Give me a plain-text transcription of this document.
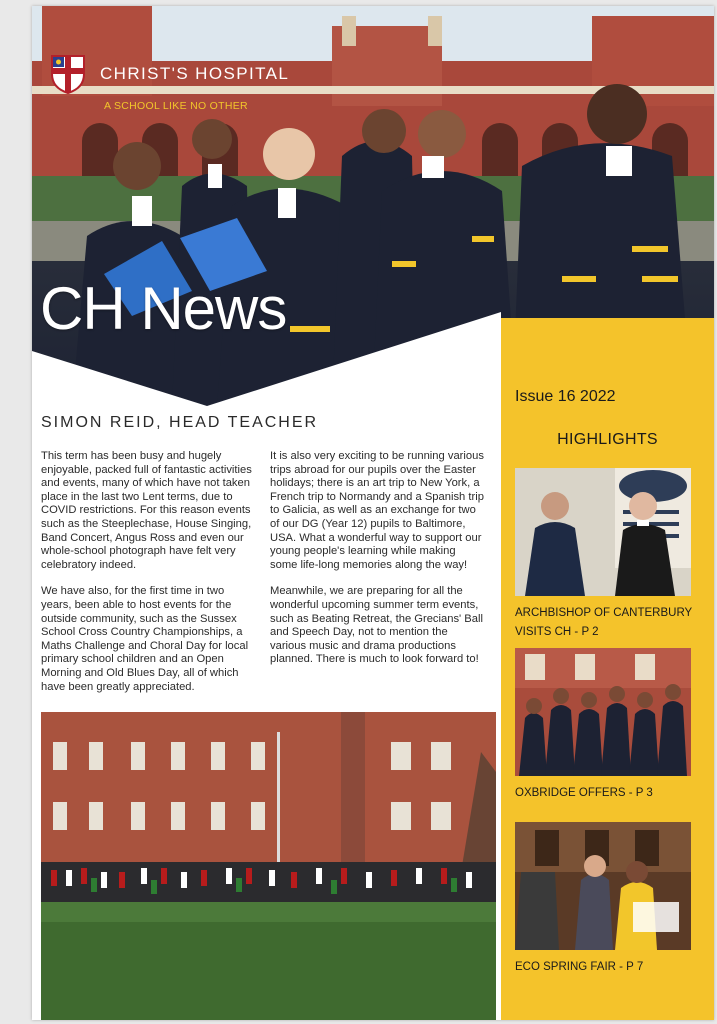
CHRIST'S HOSPITAL
A SCHOOL LIKE NO OTHER
CH News
Issue 16 2022
HIGHLIGHTS
ARCHBISHOP OF CANTERBURY VISITS CH - P 2
OXBRIDGE OFFERS - P 3
ECO SPRING FAIR - P 7
SIMON REID, HEAD TEACHER

This term has been busy and hugely enjoyable, packed full of fantastic activities and events, many of which have not taken place in the last two Lent terms, due to COVID restrictions. For this reason events such as the Steeplechase, House Singing, Band Concert, Angus Ross and even our whole-school photograph have felt very celebratory indeed.

We have also, for the first time in two years, been able to host events for the outside community, such as the Sussex School Cross Country Championships, a Maths Challenge and Choral Day for local primary school children and an Open Morning and Old Blues Day, all of which have been greatly appreciated.

It is also very exciting to be running various trips abroad for our pupils over the Easter holidays; there is an art trip to New York, a French trip to Normandy and a Spanish trip to Galicia, as well as an exchange for two of our DG (Year 12) pupils to Baltimore, USA. What a wonderful way to support our young people's learning while making some life-long memories along the way!

Meanwhile, we are preparing for all the wonderful upcoming summer term events, such as Beating Retreat, the Grecians' Ball and Speech Day, not to mention the various music and drama productions planned. There is much to look forward to!
